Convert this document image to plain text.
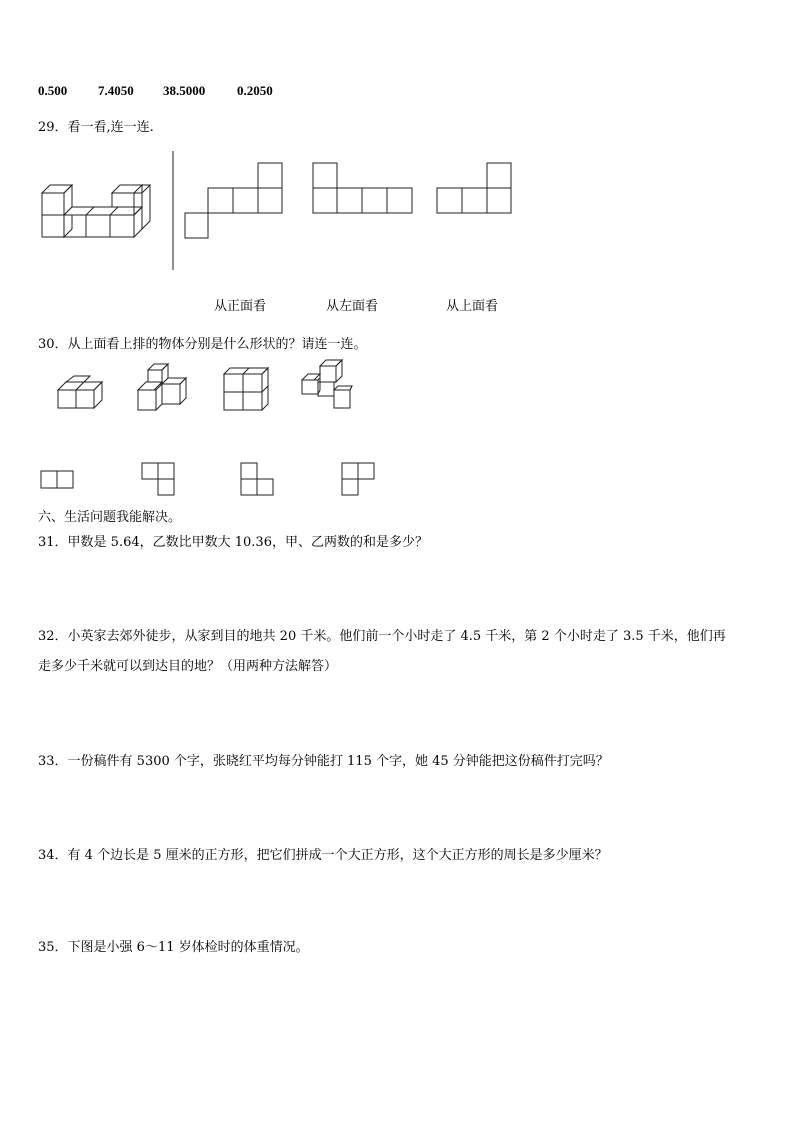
0.500 7.4050 38.5000 0.2050
29．看一看,连一连.
从正面看	从左面看	从上面看
30．从上面看上排的物体分别是什么形状的？请连一连。
六、生活问题我能解决。
31．甲数是 5.64，乙数比甲数大 10.36，甲、乙两数的和是多少？
32．小英家去郊外徒步，从家到目的地共 20 千米。他们前一个小时走了 4.5 千米，第 2 个小时走了 3.5 千米，他们再
走多少千米就可以到达目的地？（用两种方法解答）
33．一份稿件有 5300 个字，张晓红平均每分钟能打 115 个字，她 45 分钟能把这份稿件打完吗？
34．有 4 个边长是 5 厘米的正方形，把它们拼成一个大正方形，这个大正方形的周长是多少厘米？
35．下图是小强 6～11 岁体检时的体重情况。
